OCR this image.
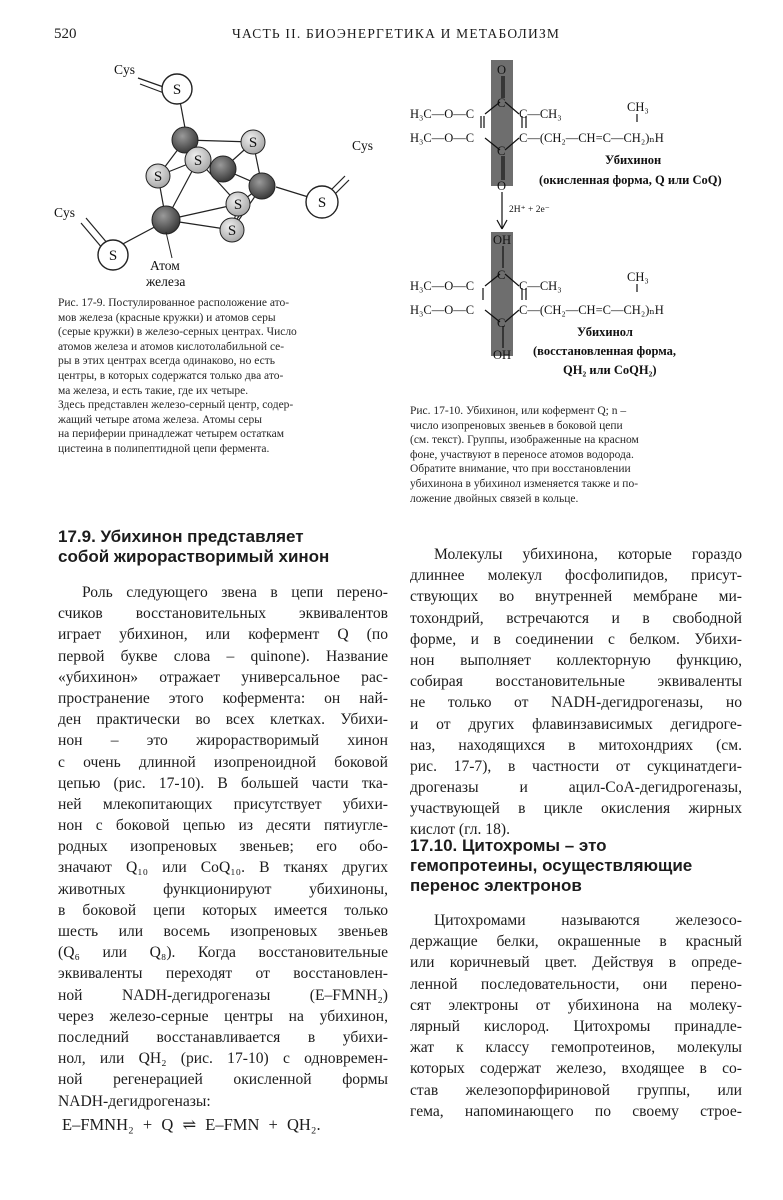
520	ЧАСТЬ II. БИОЭНЕРГЕТИКА И МЕТАБОЛИЗМ
S
S
S
S
S
S
S
S
Cys
Cys
Cys
Атом
железа
Рис. 17-9. Постулированное расположение ато-
мов железа (красные кружки) и атомов серы
(серые кружки) в железо-серных центрах. Число
атомов железа и атомов кислотолабильной се-
ры в этих центрах всегда одинаково, но есть
центры, в которых содержатся только два ато-
ма железа, и есть такие, где их четыре.
Здесь представлен железо-серный центр, содер-
жащий четыре атома железа. Атомы серы
на периферии принадлежат четырем остаткам
цистеина в полипептидной цепи фермента.
O
C
C
O
H₃C—O—C
H₃C—O—C
C—CH₃	CH₃
C—(CH₂—CH=C—CH₂)ₙH
Убихинон
(окисленная форма, Q или CoQ)
2H⁺ + 2e⁻
OH
C
C
OH
H₃C—O—C
H₃C—O—C
C—CH₃
CH₃
C—(CH₂—CH=C—CH₂)ₙH
Убихинол
(восстановленная форма,
QH₂ или CoQH₂)
Рис. 17-10. Убихинон, или кофермент Q; n –
число изопреновых звеньев в боковой цепи
(см. текст). Группы, изображенные на красном
фоне, участвуют в переносе атомов водорода.
Обратите внимание, что при восстановлении
убихинона в убихинол изменяется также и по-
ложение двойных связей в кольце.
17.9. Убихинон представляет
собой жирорастворимый хинон
Роль следующего звена в цепи перено-
счиков восстановительных эквивалентов
играет убихинон, или кофермент Q (по
первой букве слова – quinone). Название
«убихинон» отражает универсальное рас-
пространение этого кофермента: он най-
ден практически во всех клетках. Убихи-
нон – это жирорастворимый хинон
с очень длинной изопреноидной боковой
цепью (рис. 17-10). В большей части тка-
ней млекопитающих присутствует убихи-
нон с боковой цепью из десяти пятиугле-
родных изопреновых звеньев; его обо-
значают Q₁₀ или CoQ₁₀. В тканях других
животных функционируют убихиноны,
в боковой цепи которых имеется только
шесть или восемь изопреновых звеньев
(Q₆ или Q₈). Когда восстановительные
эквиваленты переходят от восстановлен-
ной NADH-дегидрогеназы (E–FMNH₂)
через железо-серные центры на убихинон,
последний восстанавливается в убихи-
нол, или QH₂ (рис. 17-10) с одновремен-
ной регенерацией окисленной формы
NADH-дегидрогеназы:
E–FMNH₂ + Q ⇌ E–FMN + QH₂.
Молекулы убихинона, которые гораздо
длиннее молекул фосфолипидов, присут-
ствующих во внутренней мембране ми-
тохондрий, встречаются и в свободной
форме, и в соединении с белком. Убихи-
нон выполняет коллекторную функцию,
собирая восстановительные эквиваленты
не только от NADH-дегидрогеназы, но
и от других флавинзависимых дегидроге-
наз, находящихся в митохондриях (см.
рис. 17-7), в частности от сукцинатдеги-
дрогеназы и ацил-CoA-дегидрогеназы,
участвующей в цикле окисления жирных
кислот (гл. 18).
17.10. Цитохромы – это
гемопротеины, осуществляющие
перенос электронов
Цитохромами называются железосо-
держащие белки, окрашенные в красный
или коричневый цвет. Действуя в опреде-
ленной последовательности, они перено-
сят электроны от убихинона на молеку-
лярный кислород. Цитохромы принадле-
жат к классу гемопротеинов, молекулы
которых содержат железо, входящее в со-
став железопорфириновой группы, или
гема, напоминающего по своему строе-
